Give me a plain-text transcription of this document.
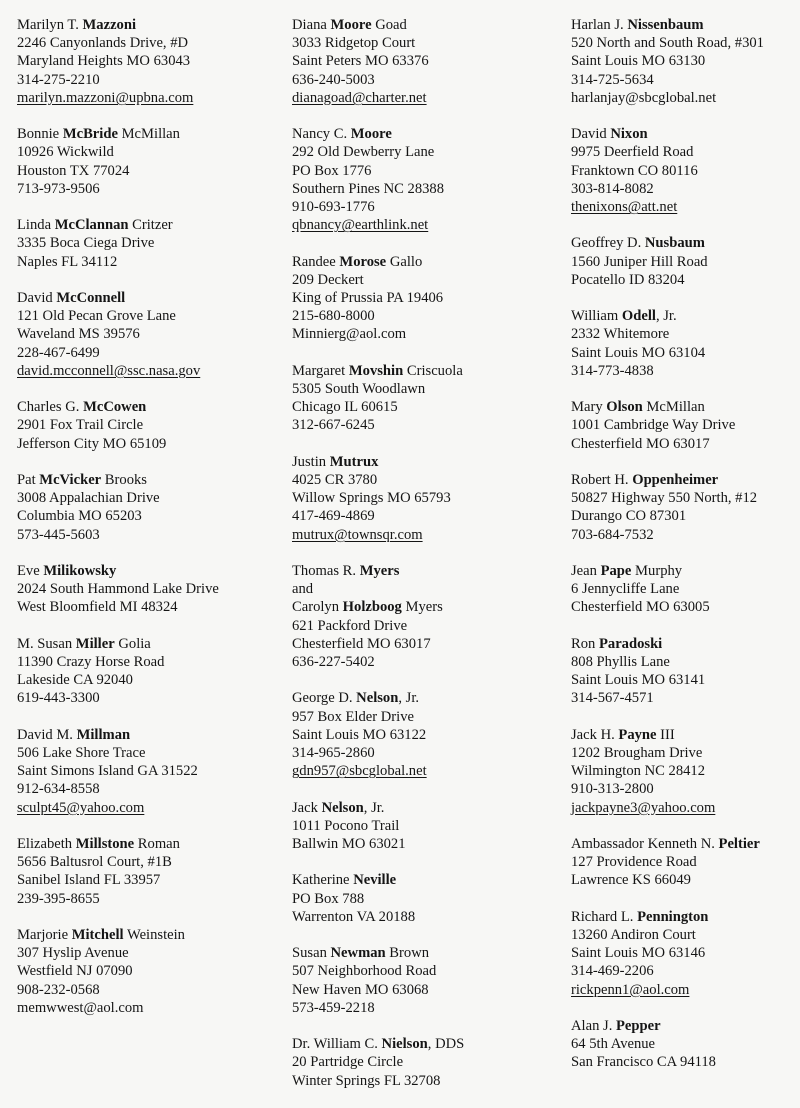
Marilyn T. Mazzoni
2246 Canyonlands Drive, #D
Maryland Heights MO 63043
314-275-2210
marilyn.mazzoni@upbna.com
Bonnie McBride McMillan
10926 Wickwild
Houston TX 77024
713-973-9506
Linda McClannan Critzer
3335 Boca Ciega Drive
Naples FL 34112
David McConnell
121 Old Pecan Grove Lane
Waveland MS 39576
228-467-6499
david.mcconnell@ssc.nasa.gov
Charles G. McCowen
2901 Fox Trail Circle
Jefferson City MO 65109
Pat McVicker Brooks
3008 Appalachian Drive
Columbia MO 65203
573-445-5603
Eve Milikowsky
2024 South Hammond Lake Drive
West Bloomfield MI 48324
M. Susan Miller Golia
11390 Crazy Horse Road
Lakeside CA 92040
619-443-3300
David M. Millman
506 Lake Shore Trace
Saint Simons Island GA 31522
912-634-8558
sculpt45@yahoo.com
Elizabeth Millstone Roman
5656 Baltusrol Court, #1B
Sanibel Island FL 33957
239-395-8655
Marjorie Mitchell Weinstein
307 Hyslip Avenue
Westfield NJ 07090
908-232-0568
memwwest@aol.com
Diana Moore Goad
3033 Ridgetop Court
Saint Peters MO 63376
636-240-5003
dianagoad@charter.net
Nancy C. Moore
292 Old Dewberry Lane
PO Box 1776
Southern Pines NC 28388
910-693-1776
qbnancy@earthlink.net
Randee Morose Gallo
209 Deckert
King of Prussia PA 19406
215-680-8000
Minnierg@aol.com
Margaret Movshin Criscuola
5305 South Woodlawn
Chicago IL 60615
312-667-6245
Justin Mutrux
4025 CR 3780
Willow Springs MO 65793
417-469-4869
mutrux@townsqr.com
Thomas R. Myers
and
Carolyn Holzboog Myers
621 Packford Drive
Chesterfield MO 63017
636-227-5402
George D. Nelson, Jr.
957 Box Elder Drive
Saint Louis MO 63122
314-965-2860
gdn957@sbcglobal.net
Jack Nelson, Jr.
1011 Pocono Trail
Ballwin MO 63021
Katherine Neville
PO Box 788
Warrenton VA 20188
Susan Newman Brown
507 Neighborhood Road
New Haven MO 63068
573-459-2218
Dr. William C. Nielson, DDS
20 Partridge Circle
Winter Springs FL 32708
Harlan J. Nissenbaum
520 North and South Road, #301
Saint Louis MO 63130
314-725-5634
harlanjay@sbcglobal.net
David Nixon
9975 Deerfield Road
Franktown CO 80116
303-814-8082
thenixons@att.net
Geoffrey D. Nusbaum
1560 Juniper Hill Road
Pocatello ID 83204
William Odell, Jr.
2332 Whitemore
Saint Louis MO 63104
314-773-4838
Mary Olson McMillan
1001 Cambridge Way Drive
Chesterfield MO 63017
Robert H. Oppenheimer
50827 Highway 550 North, #12
Durango CO 87301
703-684-7532
Jean Pape Murphy
6 Jennycliffe Lane
Chesterfield MO 63005
Ron Paradoski
808 Phyllis Lane
Saint Louis MO 63141
314-567-4571
Jack H. Payne III
1202 Brougham Drive
Wilmington NC 28412
910-313-2800
jackpayne3@yahoo.com
Ambassador Kenneth N. Peltier
127 Providence Road
Lawrence KS 66049
Richard L. Pennington
13260 Andiron Court
Saint Louis MO 63146
314-469-2206
rickpenn1@aol.com
Alan J. Pepper
64 5th Avenue
San Francisco CA 94118
